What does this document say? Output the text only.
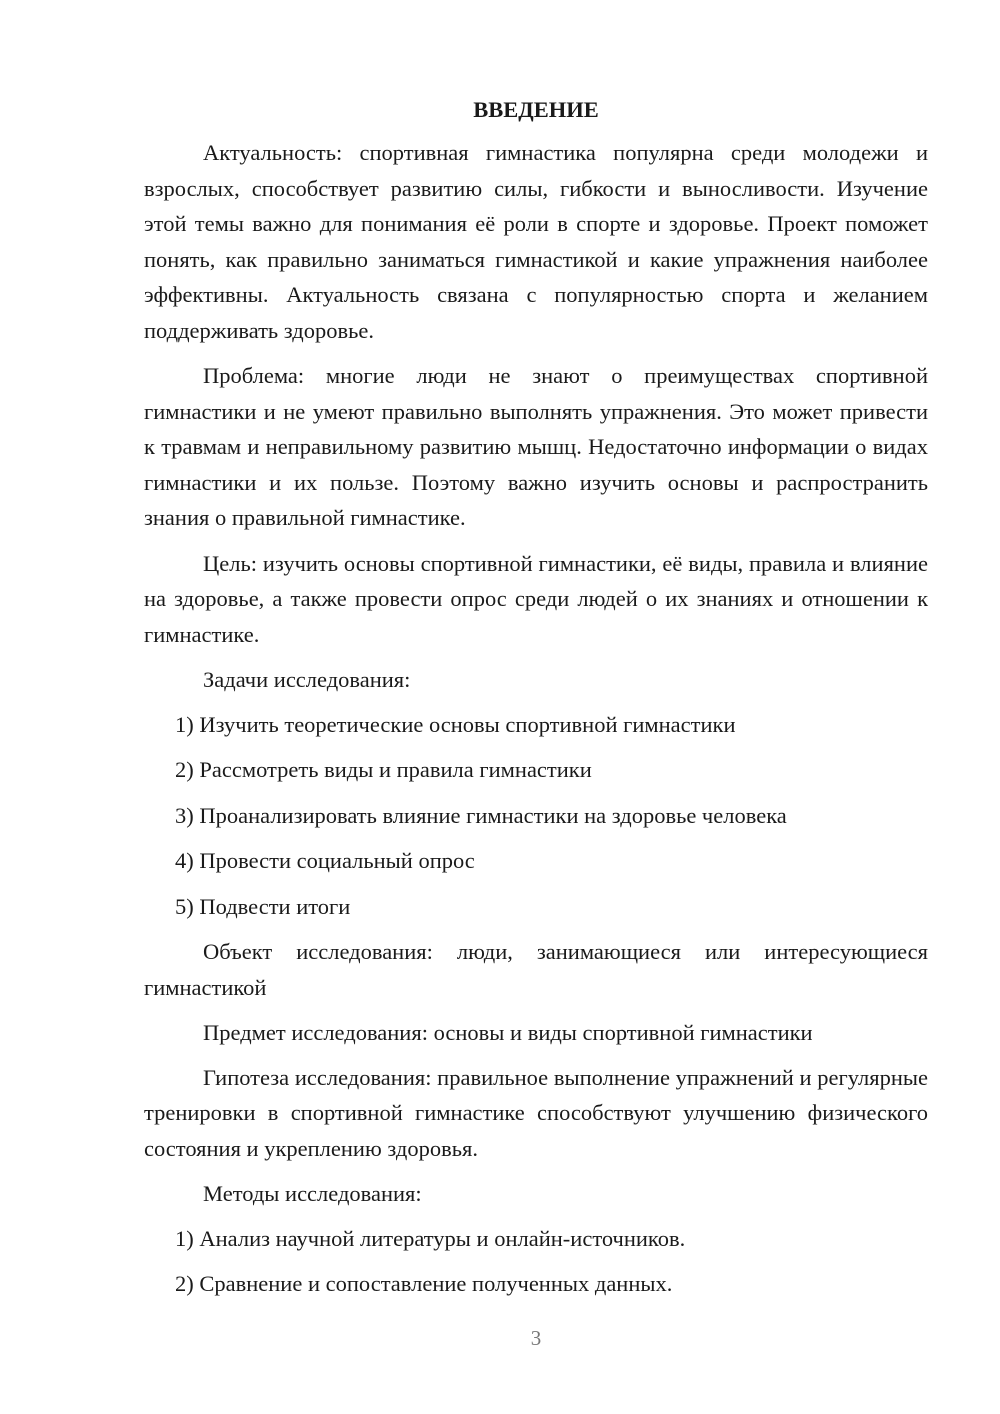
ВВЕДЕНИЕ

Актуальность: спортивная гимнастика популярна среди молодежи и взрослых, способствует развитию силы, гибкости и выносливости. Изучение этой темы важно для понимания её роли в спорте и здоровье. Проект поможет понять, как правильно заниматься гимнастикой и какие упражнения наиболее эффективны. Актуальность связана с популярностью спорта и желанием поддерживать здоровье.

Проблема: многие люди не знают о преимуществах спортивной гимнастики и не умеют правильно выполнять упражнения. Это может привести к травмам и неправильному развитию мышц. Недостаточно информации о видах гимнастики и их пользе. Поэтому важно изучить основы и распространить знания о правильной гимнастике.

Цель: изучить основы спортивной гимнастики, её виды, правила и влияние на здоровье, а также провести опрос среди людей о их знаниях и отношении к гимнастике.

Задачи исследования:

1) Изучить теоретические основы спортивной гимнастики
2) Рассмотреть виды и правила гимнастики
3) Проанализировать влияние гимнастики на здоровье человека
4) Провести социальный опрос
5) Подвести итоги

Объект исследования: люди, занимающиеся или интересующиеся гимнастикой

Предмет исследования: основы и виды спортивной гимнастики

Гипотеза исследования: правильное выполнение упражнений и регулярные тренировки в спортивной гимнастике способствуют улучшению физического состояния и укреплению здоровья.

Методы исследования:

1) Анализ научной литературы и онлайн-источников.
2) Сравнение и сопоставление полученных данных.
3
